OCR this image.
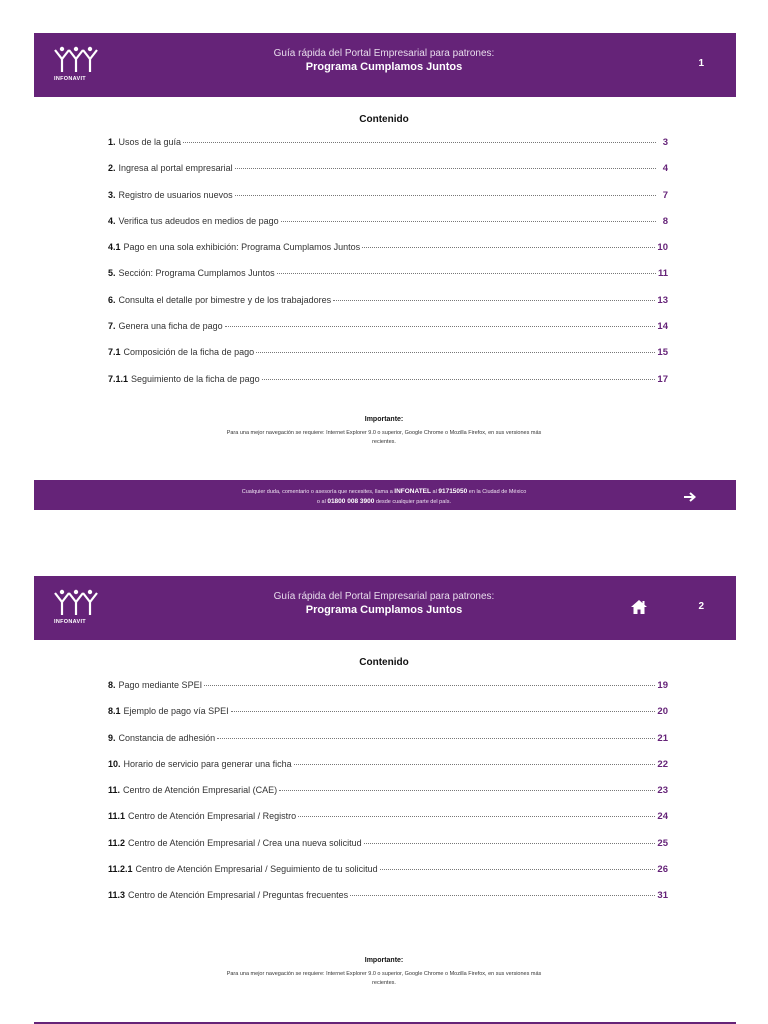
INFONAVIT
Guía rápida del Portal Empresarial para patrones:
Programa Cumplamos Juntos	1
Contenido
1. Usos de la guía	3
2. Ingresa al portal empresarial	4
3. Registro de usuarios nuevos	7
4. Verifica tus adeudos en medios de pago	8
4.1 Pago en una sola exhibición: Programa Cumplamos Juntos	10
5. Sección: Programa Cumplamos Juntos	11
6. Consulta el detalle por bimestre y de los trabajadores	13
7. Genera una ficha de pago	14
7.1 Composición de la ficha de pago	15
7.1.1 Seguimiento de la ficha de pago	17
Importante:
Para una mejor navegación se requiere: Internet Explorer 9.0 o superior, Google Chrome o Mozilla Firefox, en sus versiones más recientes.
Cualquier duda, comentario o asesoría que necesites, llama a INFONATEL al 91715050 en la Ciudad de México
o al 01800 008 3900 desde cualquier parte del país.
INFONAVIT
Guía rápida del Portal Empresarial para patrones:
Programa Cumplamos Juntos	2
Contenido
8. Pago mediante SPEI	19
8.1 Ejemplo de pago vía SPEI	20
9. Constancia de adhesión	21
10. Horario de servicio para generar una ficha	22
11. Centro de Atención Empresarial (CAE)	23
11.1 Centro de Atención Empresarial / Registro	24
11.2 Centro de Atención Empresarial / Crea una nueva solicitud	25
11.2.1 Centro de Atención Empresarial / Seguimiento de tu solicitud	26
11.3 Centro de Atención Empresarial / Preguntas frecuentes	31
Importante:
Para una mejor navegación se requiere: Internet Explorer 9.0 o superior, Google Chrome o Mozilla Firefox, en sus versiones más recientes.
